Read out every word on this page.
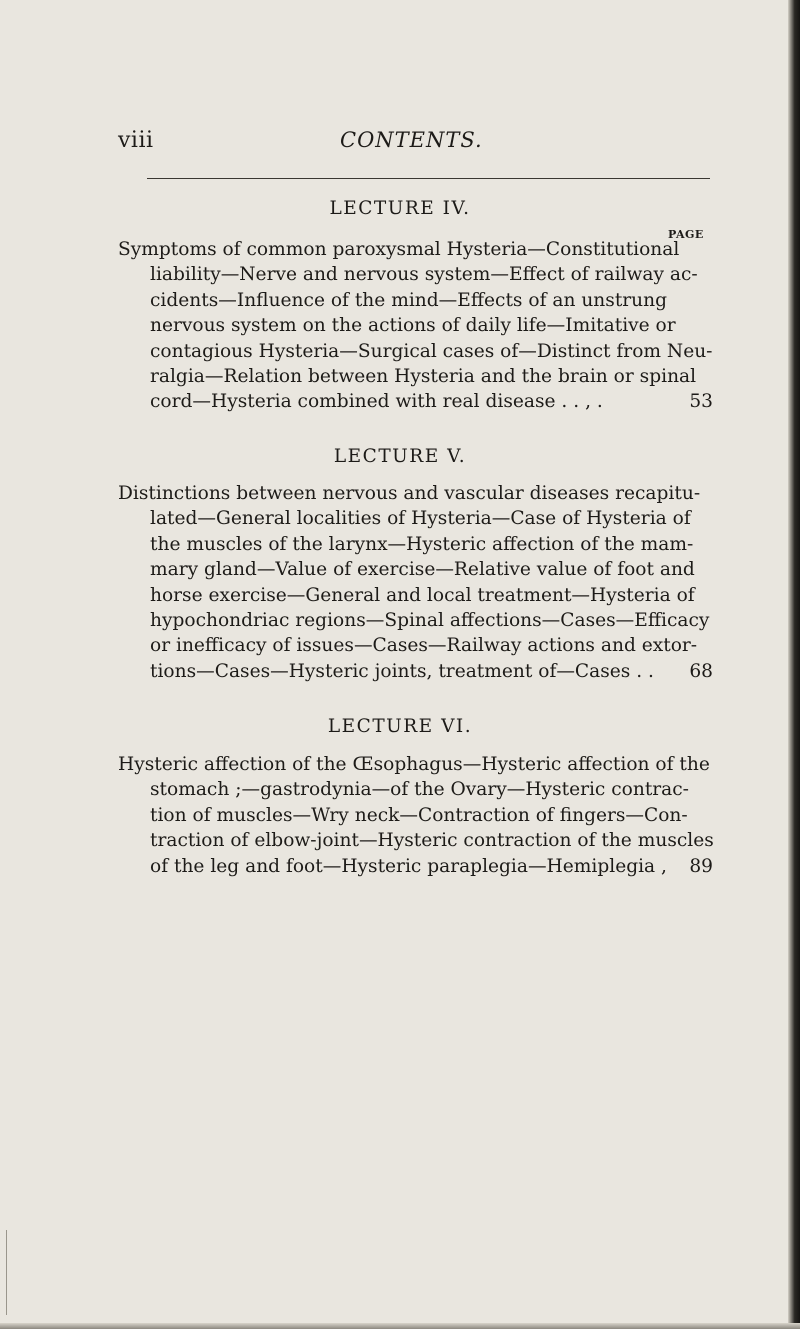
viii	CONTENTS.
LECTURE IV.
PAGE
Symptoms of common paroxysmal Hysteria—Constitutional
liability—Nerve and nervous system—Effect of railway ac-
cidents—Influence of the mind—Effects of an unstrung
nervous system on the actions of daily life—Imitative or
contagious Hysteria—Surgical cases of—Distinct from Neu-
ralgia—Relation between Hysteria and the brain or spinal
cord—Hysteria combined with real disease . . , .	53
LECTURE V.
Distinctions between nervous and vascular diseases recapitu-
lated—General localities of Hysteria—Case of Hysteria of
the muscles of the larynx—Hysteric affection of the mam-
mary gland—Value of exercise—Relative value of foot and
horse exercise—General and local treatment—Hysteria of
hypochondriac regions—Spinal affections—Cases—Efficacy
or inefficacy of issues—Cases—Railway actions and extor-
tions—Cases—Hysteric joints, treatment of—Cases . .	68
LECTURE VI.
Hysteric affection of the Œsophagus—Hysteric affection of the
stomach ;—gastrodynia—of the Ovary—Hysteric contrac-
tion of muscles—Wry neck—Contraction of fingers—Con-
traction of elbow-joint—Hysteric contraction of the muscles
of the leg and foot—Hysteric paraplegia—Hemiplegia ,	89
